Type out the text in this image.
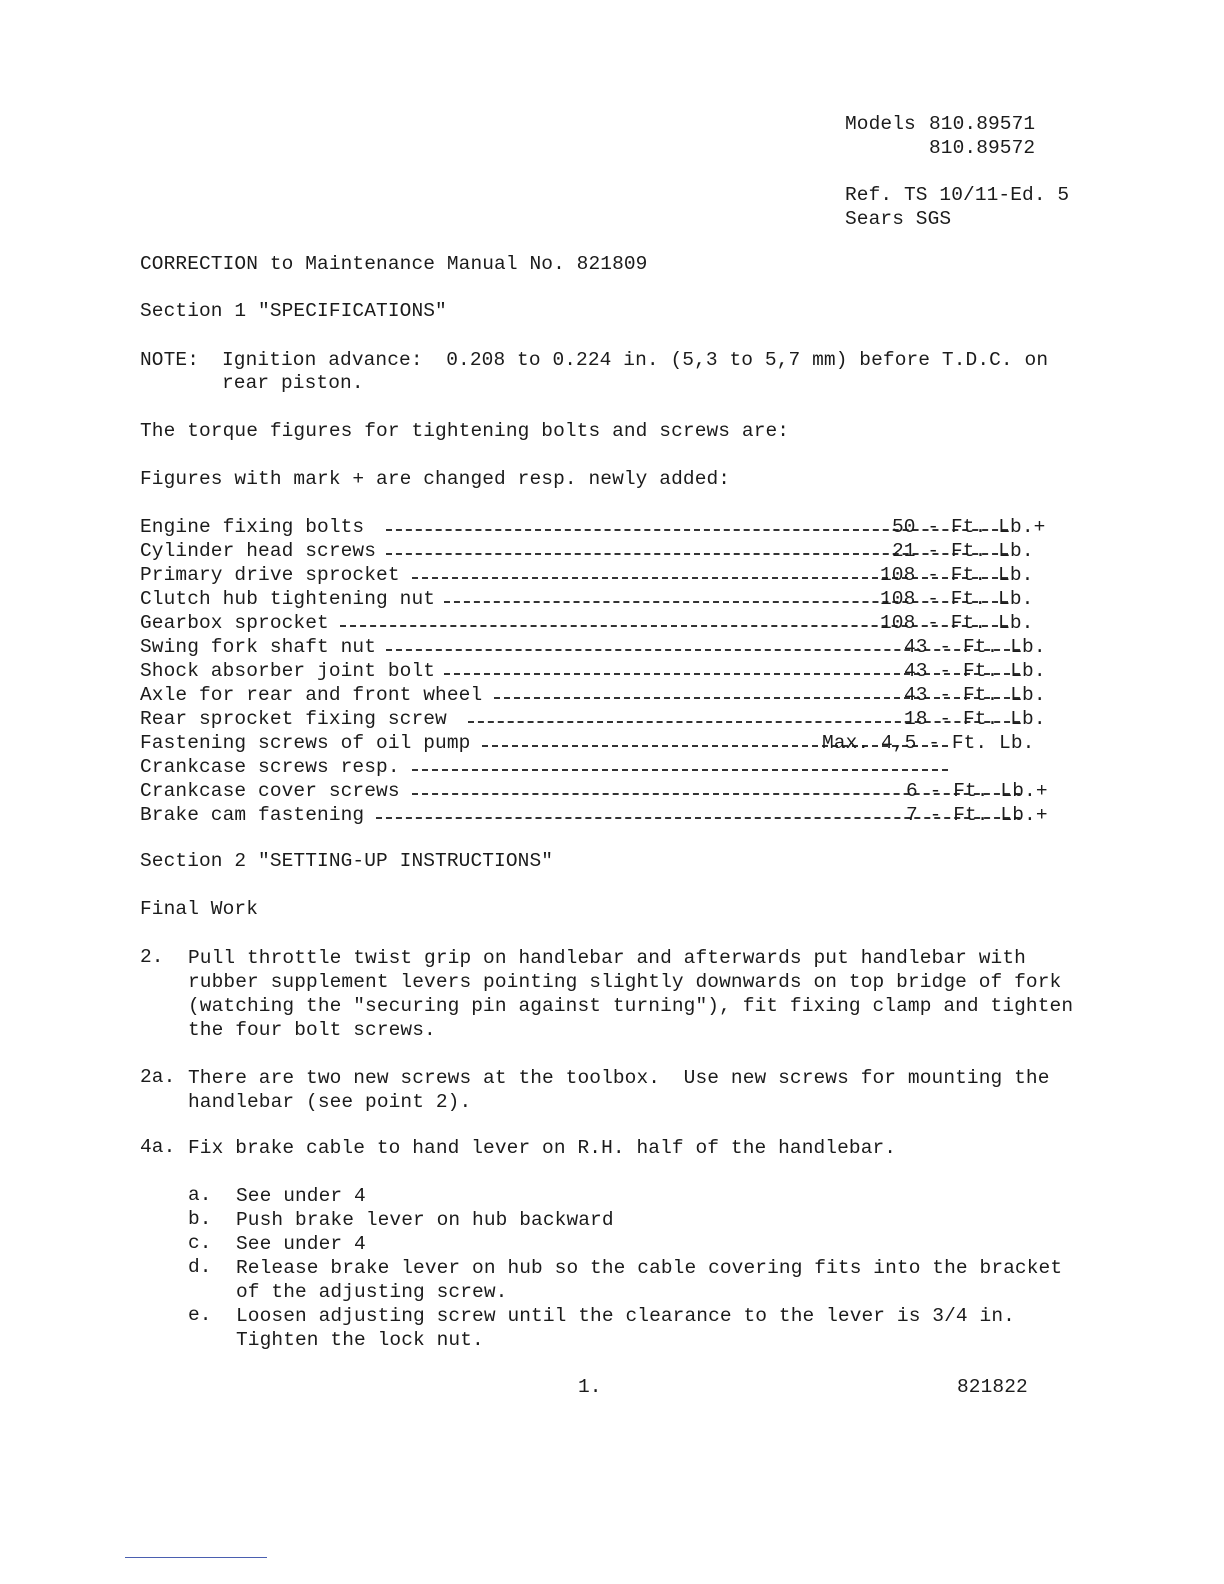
Models 810.89571
810.89572
Ref. TS 10/11-Ed. 5
Sears SGS
CORRECTION to Maintenance Manual No. 821809
Section 1 "SPECIFICATIONS"
NOTE: Ignition advance:  0.208 to 0.224 in. (5,3 to 5,7 mm) before T.D.C. on
rear piston.
The torque figures for tightening bolts and screws are:
Figures with mark + are changed resp. newly added:
Engine fixing bolts	50 - Ft. Lb.+
Cylinder head screws	21 - Ft. Lb.
Primary drive sprocket	108 - Ft. Lb.
Clutch hub tightening nut	108 - Ft. Lb.
Gearbox sprocket	108 - Ft. Lb.
Swing fork shaft nut	43 - Ft. Lb.
Shock absorber joint bolt	43 - Ft. Lb.
Axle for rear and front wheel	43 - Ft. Lb.
Rear sprocket fixing screw	18 - Ft. Lb.
Fastening screws of oil pump	Max. 4,5 - Ft. Lb.
Crankcase screws resp.
Crankcase cover screws	6 - Ft. Lb.+
Brake cam fastening	7 - Ft. Lb.+
Section 2 "SETTING-UP INSTRUCTIONS"
Final Work
2. Pull throttle twist grip on handlebar and afterwards put handlebar with
rubber supplement levers pointing slightly downwards on top bridge of fork
(watching the "securing pin against turning"), fit fixing clamp and tighten
the four bolt screws.
2a. There are two new screws at the toolbox.  Use new screws for mounting the
handlebar (see point 2).
4a. Fix brake cable to hand lever on R.H. half of the handlebar.
a. See under 4
b. Push brake lever on hub backward
c. See under 4
d. Release brake lever on hub so the cable covering fits into the bracket
of the adjusting screw.
e. Loosen adjusting screw until the clearance to the lever is 3/4 in.
Tighten the lock nut.
1.	821822
